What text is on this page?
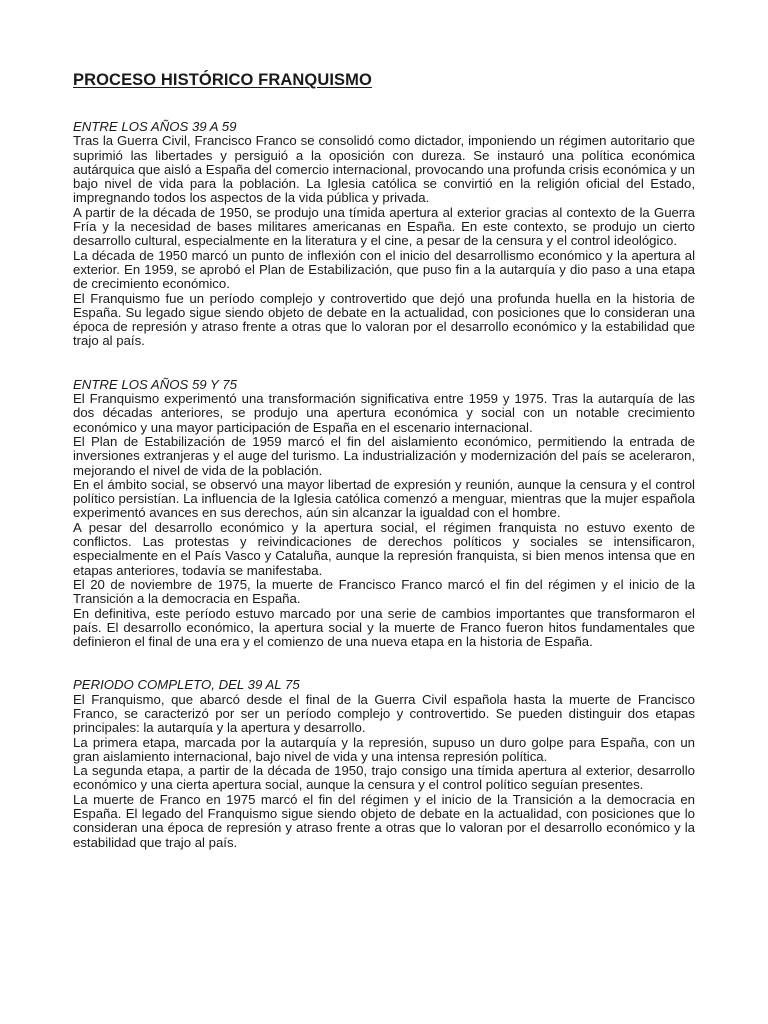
PROCESO HISTÓRICO FRANQUISMO

ENTRE LOS AÑOS 39 A 59

Tras la Guerra Civil, Francisco Franco se consolidó como dictador, imponiendo un régimen autoritario que suprimió las libertades y persiguió a la oposición con dureza. Se instauró una política económica autárquica que aisló a España del comercio internacional, provocando una profunda crisis económica y un bajo nivel de vida para la población. La Iglesia católica se convirtió en la religión oficial del Estado, impregnando todos los aspectos de la vida pública y privada.

A partir de la década de 1950, se produjo una tímida apertura al exterior gracias al contexto de la Guerra Fría y la necesidad de bases militares americanas en España. En este contexto, se produjo un cierto desarrollo cultural, especialmente en la literatura y el cine, a pesar de la censura y el control ideológico.

La década de 1950 marcó un punto de inflexión con el inicio del desarrollismo económico y la apertura al exterior. En 1959, se aprobó el Plan de Estabilización, que puso fin a la autarquía y dio paso a una etapa de crecimiento económico.

El Franquismo fue un período complejo y controvertido que dejó una profunda huella en la historia de España. Su legado sigue siendo objeto de debate en la actualidad, con posiciones que lo consideran una época de represión y atraso frente a otras que lo valoran por el desarrollo económico y la estabilidad que trajo al país.

ENTRE LOS AÑOS 59 Y 75

El Franquismo experimentó una transformación significativa entre 1959 y 1975. Tras la autarquía de las dos décadas anteriores, se produjo una apertura económica y social con un notable crecimiento económico y una mayor participación de España en el escenario internacional.

El Plan de Estabilización de 1959 marcó el fin del aislamiento económico, permitiendo la entrada de inversiones extranjeras y el auge del turismo. La industrialización y modernización del país se aceleraron, mejorando el nivel de vida de la población.

En el ámbito social, se observó una mayor libertad de expresión y reunión, aunque la censura y el control político persistían. La influencia de la Iglesia católica comenzó a menguar, mientras que la mujer española experimentó avances en sus derechos, aún sin alcanzar la igualdad con el hombre.

A pesar del desarrollo económico y la apertura social, el régimen franquista no estuvo exento de conflictos. Las protestas y reivindicaciones de derechos políticos y sociales se intensificaron, especialmente en el País Vasco y Cataluña, aunque la represión franquista, si bien menos intensa que en etapas anteriores, todavía se manifestaba.

El 20 de noviembre de 1975, la muerte de Francisco Franco marcó el fin del régimen y el inicio de la Transición a la democracia en España.

En definitiva, este período estuvo marcado por una serie de cambios importantes que transformaron el país. El desarrollo económico, la apertura social y la muerte de Franco fueron hitos fundamentales que definieron el final de una era y el comienzo de una nueva etapa en la historia de España.

PERIODO COMPLETO, DEL 39 AL 75

El Franquismo, que abarcó desde el final de la Guerra Civil española hasta la muerte de Francisco Franco, se caracterizó por ser un período complejo y controvertido. Se pueden distinguir dos etapas principales: la autarquía y la apertura y desarrollo.

La primera etapa, marcada por la autarquía y la represión, supuso un duro golpe para España, con un gran aislamiento internacional, bajo nivel de vida y una intensa represión política.

La segunda etapa, a partir de la década de 1950, trajo consigo una tímida apertura al exterior, desarrollo económico y una cierta apertura social, aunque la censura y el control político seguían presentes.

La muerte de Franco en 1975 marcó el fin del régimen y el inicio de la Transición a la democracia en España. El legado del Franquismo sigue siendo objeto de debate en la actualidad, con posiciones que lo consideran una época de represión y atraso frente a otras que lo valoran por el desarrollo económico y la estabilidad que trajo al país.
